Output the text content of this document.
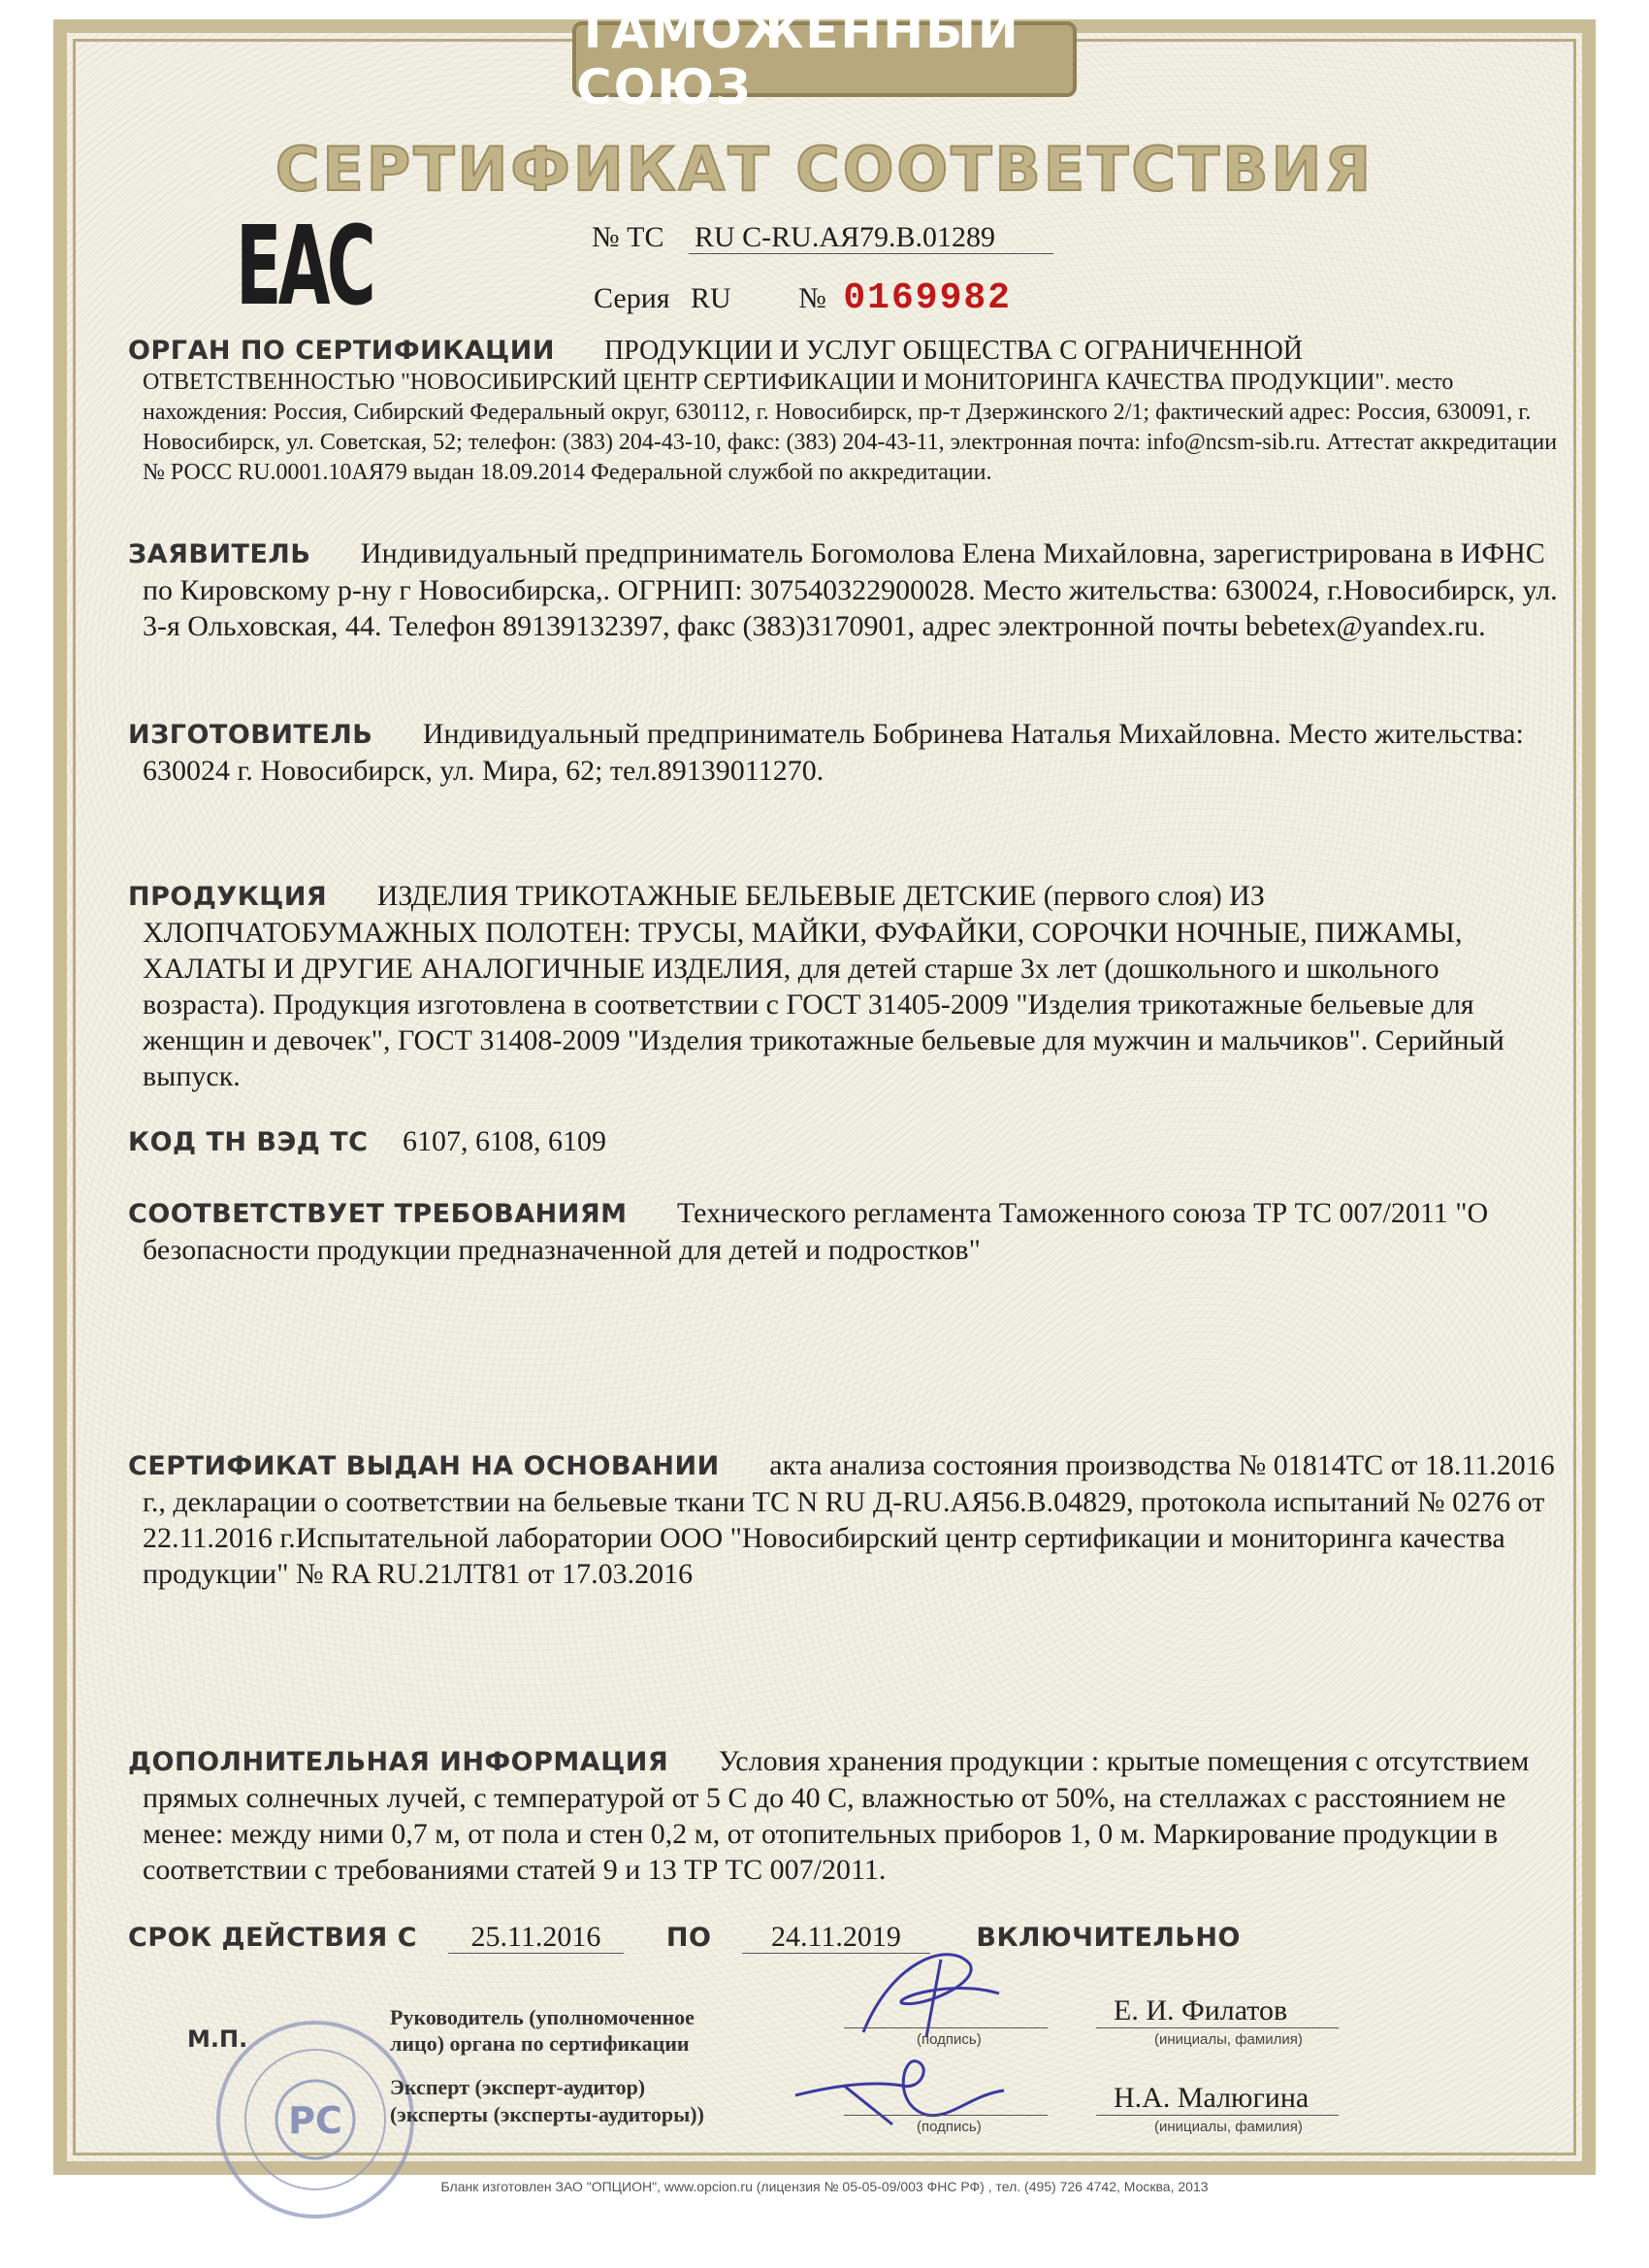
ТАМОЖЕННЫЙ СОЮЗ
СЕРТИФИКАТ СООТВЕТСТВИЯ
ЕАС	№ ТС RU C-RU.АЯ79.В.01289
Серия RU № 0169982
ОРГАН ПО СЕРТИФИКАЦИИ ПРОДУКЦИИ И УСЛУГ ОБЩЕСТВА С ОГРАНИЧЕННОЙ
ОТВЕТСТВЕННОСТЬЮ "НОВОСИБИРСКИЙ ЦЕНТР СЕРТИФИКАЦИИ И МОНИТОРИНГА КАЧЕСТВА ПРОДУКЦИИ". место нахождения: Россия, Сибирский Федеральный округ, 630112, г. Новосибирск, пр-т Дзержинского 2/1; фактический адрес: Россия, 630091, г. Новосибирск, ул. Советская, 52; телефон: (383) 204-43-10, факс: (383) 204-43-11, электронная почта: info@ncsm-sib.ru. Аттестат аккредитации № РОСС RU.0001.10АЯ79 выдан 18.09.2014 Федеральной службой по аккредитации.
ЗАЯВИТЕЛЬ Индивидуальный предприниматель Богомолова Елена Михайловна, зарегистрирована в ИФНС по Кировскому р-ну г Новосибирска,. ОГРНИП: 307540322900028. Место жительства: 630024, г.Новосибирск, ул. 3-я Ольховская, 44. Телефон 89139132397, факс (383)3170901, адрес электронной почты bebetex@yandex.ru.
ИЗГОТОВИТЕЛЬ Индивидуальный предприниматель Бобринева Наталья Михайловна. Место жительства: 630024 г. Новосибирск, ул. Мира, 62; тел.89139011270.
ПРОДУКЦИЯ ИЗДЕЛИЯ ТРИКОТАЖНЫЕ БЕЛЬЕВЫЕ ДЕТСКИЕ (первого слоя) ИЗ ХЛОПЧАТОБУМАЖНЫХ ПОЛОТЕН: ТРУСЫ, МАЙКИ, ФУФАЙКИ, СОРОЧКИ НОЧНЫЕ, ПИЖАМЫ, ХАЛАТЫ И ДРУГИЕ АНАЛОГИЧНЫЕ ИЗДЕЛИЯ, для детей старше 3х лет (дошкольного и школьного возраста). Продукция изготовлена в соответствии с ГОСТ 31405-2009 "Изделия трикотажные бельевые для женщин и девочек", ГОСТ 31408-2009 "Изделия трикотажные бельевые для мужчин и мальчиков". Серийный выпуск.
КОД ТН ВЭД ТС 6107, 6108, 6109
СООТВЕТСТВУЕТ ТРЕБОВАНИЯМ Технического регламента Таможенного союза ТР ТС 007/2011 "О безопасности продукции предназначенной для детей и подростков"
СЕРТИФИКАТ ВЫДАН НА ОСНОВАНИИ акта анализа состояния производства № 01814ТС от 18.11.2016 г., декларации о соответствии на бельевые ткани ТС N RU Д-RU.АЯ56.В.04829, протокола испытаний № 0276 от 22.11.2016 г.Испытательной лаборатории ООО "Новосибирский центр сертификации и мониторинга качества продукции" № RA RU.21ЛТ81 от 17.03.2016
ДОПОЛНИТЕЛЬНАЯ ИНФОРМАЦИЯ Условия хранения продукции : крытые помещения с отсутствием прямых солнечных лучей, с температурой от 5 С до 40 С, влажностью от 50%, на стеллажах с расстоянием не менее: между ними 0,7 м, от пола и стен 0,2 м, от отопительных приборов 1, 0 м. Маркирование продукции в соответствии с требованиями статей 9 и 13 ТР ТС 007/2011.
СРОК ДЕЙСТВИЯ С 25.11.2016	ПО 24.11.2019	ВКЛЮЧИТЕЛЬНО
РС
М.П.
Руководитель (уполномоченное лицо) органа по сертификации	(подпись)
Е. И. Филатов
(инициалы, фамилия)
Эксперт (эксперт-аудитор) (эксперты (эксперты-аудиторы))
(подпись)
Н.А. Малюгина
(инициалы, фамилия)
Бланк изготовлен ЗАО "ОПЦИОН", www.opcion.ru (лицензия № 05-05-09/003 ФНС РФ) , тел. (495) 726 4742, Москва, 2013
